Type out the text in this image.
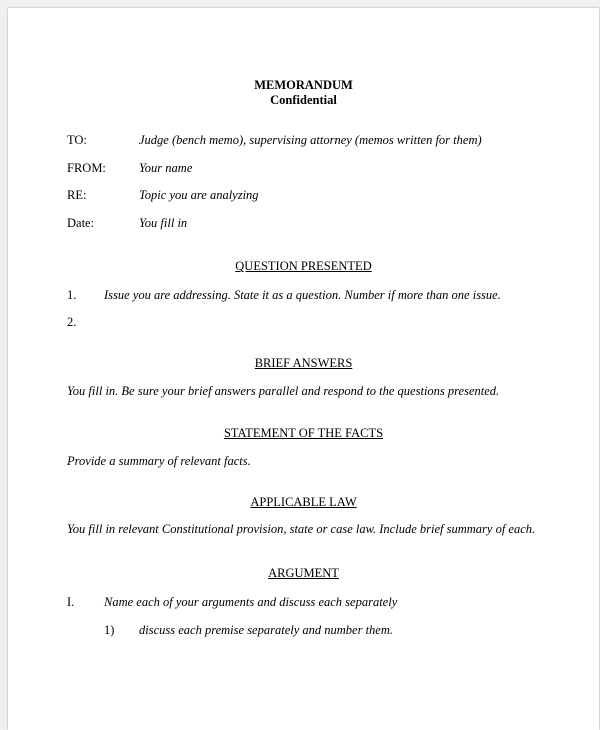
MEMORANDUM
Confidential
TO:	Judge (bench memo), supervising attorney (memos written for them)
FROM:	Your name
RE:	Topic you are analyzing
Date:	You fill in
QUESTION PRESENTED
1. Issue you are addressing. State it as a question. Number if more than one issue.
2.
BRIEF ANSWERS
You fill in. Be sure your brief answers parallel and respond to the questions presented.
STATEMENT OF THE FACTS
Provide a summary of relevant facts.
APPLICABLE LAW
You fill in relevant Constitutional provision, state or case law. Include brief summary of each.
ARGUMENT
I. Name each of your arguments and discuss each separately
1) discuss each premise separately and number them.
